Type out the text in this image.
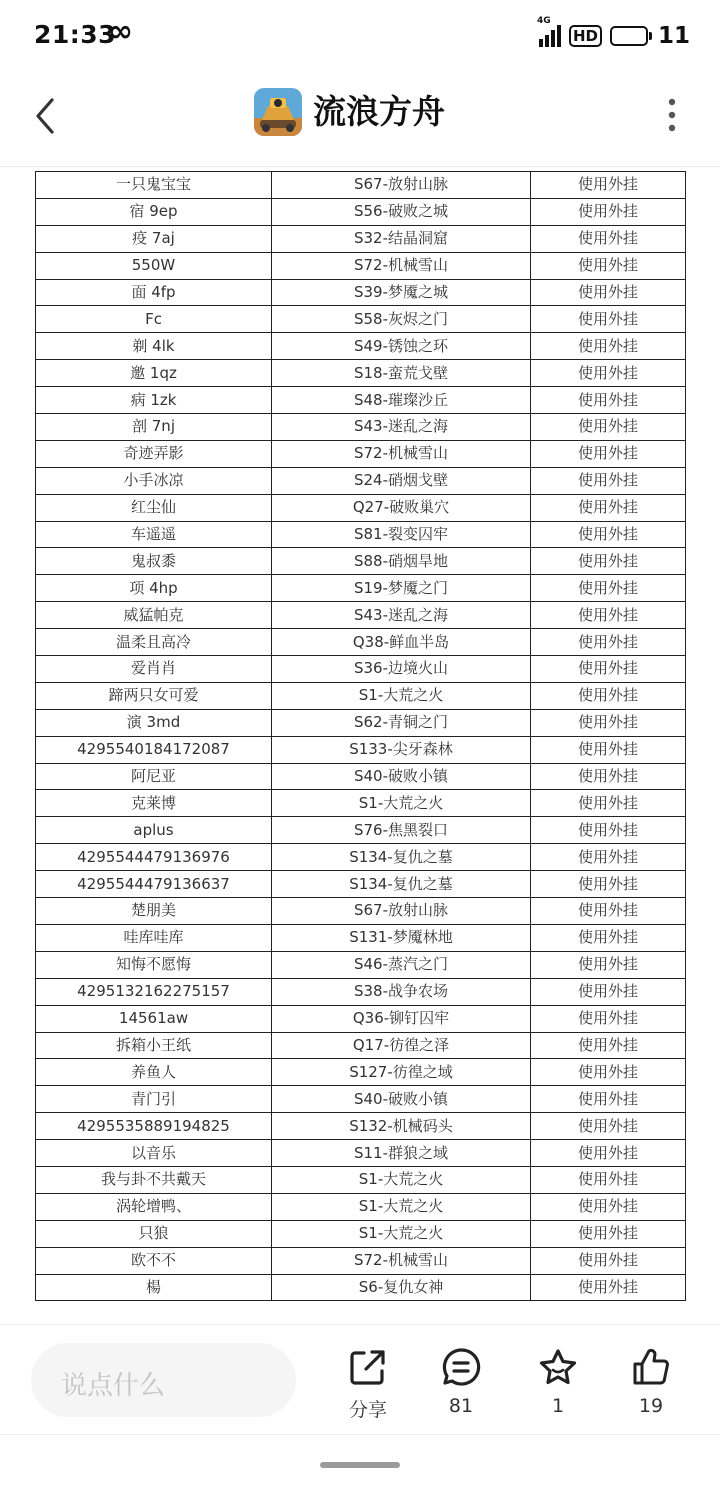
21:33
∞	4G
HD	11
流浪方舟
一只鬼宝宝	S67-放射山脉	使用外挂
宿 9ep	S56-破败之城	使用外挂
疫 7aj	S32-结晶洞窟	使用外挂
550W	S72-机械雪山	使用外挂
面 4fp	S39-梦魇之城	使用外挂
Fc	S58-灰烬之门	使用外挂
剃 4lk	S49-锈蚀之环	使用外挂
邀 1qz	S18-蛮荒戈壁	使用外挂
病 1zk	S48-璀璨沙丘	使用外挂
剖 7nj	S43-迷乱之海	使用外挂
奇迹弄影	S72-机械雪山	使用外挂
小手冰凉	S24-硝烟戈壁	使用外挂
红尘仙	Q27-破败巢穴	使用外挂
车遥遥	S81-裂变囚牢	使用外挂
鬼叔黍	S88-硝烟旱地	使用外挂
项 4hp	S19-梦魇之门	使用外挂
威猛帕克	S43-迷乱之海	使用外挂
温柔且高冷	Q38-鲜血半岛	使用外挂
爱肖肖	S36-边境火山	使用外挂
蹄两只女可爱	S1-大荒之火	使用外挂
演 3md	S62-青铜之门	使用外挂
4295540184172087	S133-尖牙森林	使用外挂
阿尼亚	S40-破败小镇	使用外挂
克莱博	S1-大荒之火	使用外挂
aplus	S76-焦黑裂口	使用外挂
4295544479136976	S134-复仇之墓	使用外挂
4295544479136637	S134-复仇之墓	使用外挂
楚朋美	S67-放射山脉	使用外挂
哇库哇库	S131-梦魇林地	使用外挂
知悔不愿悔	S46-蒸汽之门	使用外挂
4295132162275157	S38-战争农场	使用外挂
14561aw	Q36-铆钉囚牢	使用外挂
拆箱小王纸	Q17-彷徨之泽	使用外挂
养鱼人	S127-彷徨之域	使用外挂
青门引	S40-破败小镇	使用外挂
4295535889194825	S132-机械码头	使用外挂
以音乐	S11-群狼之域	使用外挂
我与卦不共戴天	S1-大荒之火	使用外挂
涡轮增鸭、	S1-大荒之火	使用外挂
只狼	S1-大荒之火	使用外挂
欧不不	S72-机械雪山	使用外挂
楊	S6-复仇女神	使用外挂
说点什么
分享	81	1	19
